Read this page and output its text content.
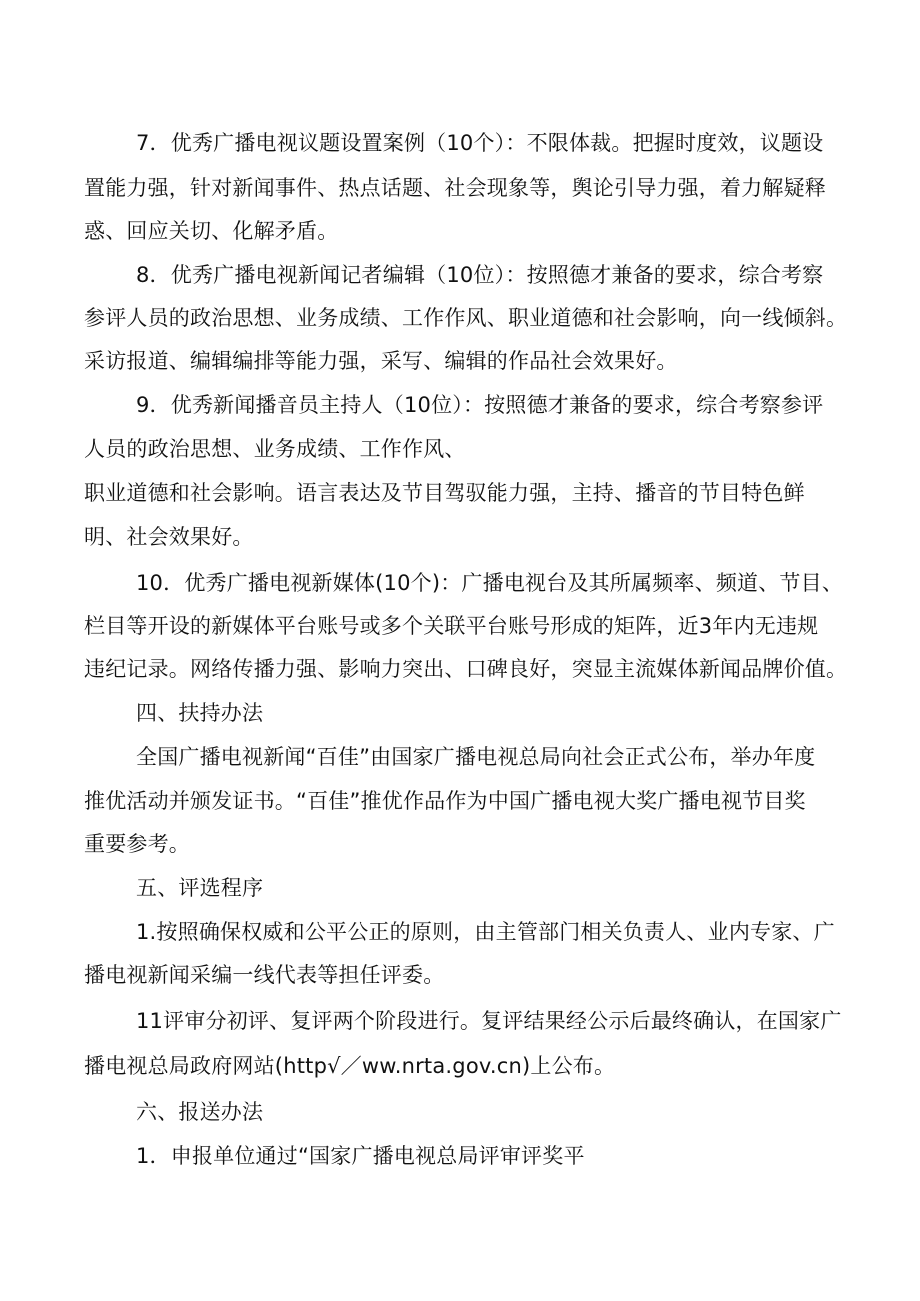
7．优秀广播电视议题设置案例（10个）：不限体裁。把握时度效，议题设
置能力强，针对新闻事件、热点话题、社会现象等，舆论引导力强，着力解疑释
惑、回应关切、化解矛盾。
8．优秀广播电视新闻记者编辑（10位）：按照德才兼备的要求，综合考察
参评人员的政治思想、业务成绩、工作作风、职业道德和社会影响，向一线倾斜。
采访报道、编辑编排等能力强，采写、编辑的作品社会效果好。
9．优秀新闻播音员主持人（10位）：按照德才兼备的要求，综合考察参评
人员的政治思想、业务成绩、工作作风、
职业道德和社会影响。语言表达及节目驾驭能力强，主持、播音的节目特色鲜
明、社会效果好。
10．优秀广播电视新媒体(10个)：广播电视台及其所属频率、频道、节目、
栏目等开设的新媒体平台账号或多个关联平台账号形成的矩阵，近3年内无违规
违纪记录。网络传播力强、影响力突出、口碑良好，突显主流媒体新闻品牌价值。
四、扶持办法
全国广播电视新闻“百佳”由国家广播电视总局向社会正式公布，举办年度
推优活动并颁发证书。“百佳”推优作品作为中国广播电视大奖广播电视节目奖
重要参考。
五、评选程序
1.按照确保权威和公平公正的原则，由主管部门相关负责人、业内专家、广
播电视新闻采编一线代表等担任评委。
11评审分初评、复评两个阶段进行。复评结果经公示后最终确认，在国家广
播电视总局政府网站(http√／ww.nrta.gov.cn)上公布。
六、报送办法
1．申报单位通过“国家广播电视总局评审评奖平
